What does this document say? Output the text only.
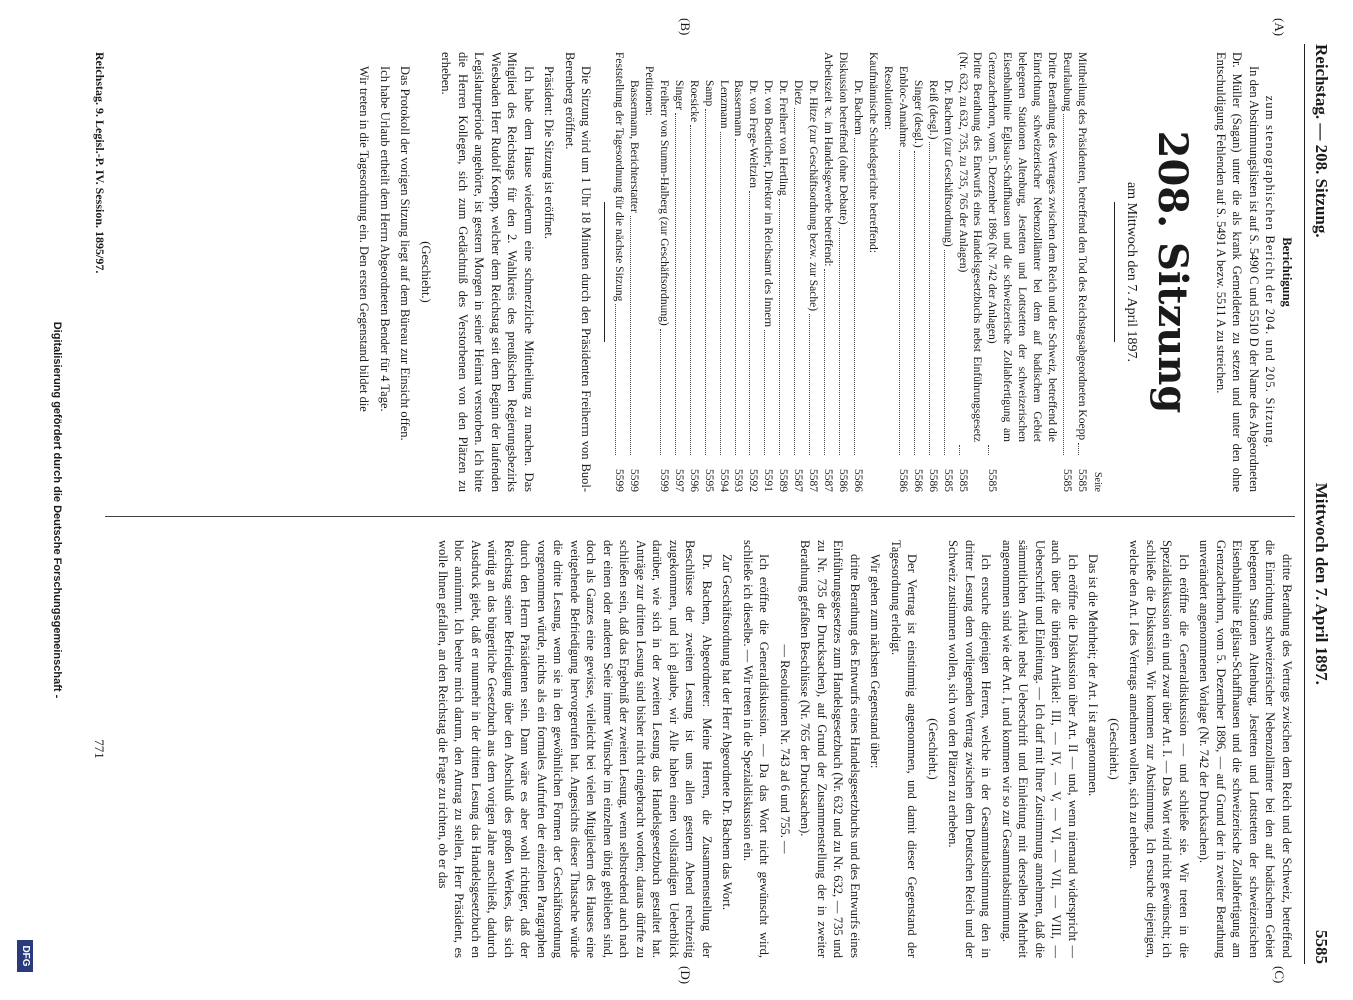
Reichstag. — 208. Sitzung.
Mittwoch den 7. April 1897.
5585
(A)
(B)
(C)
(D)
Berichtigung
zum stenographischen Bericht der 204. und 205. Sitzung.

In den Abstimmungslisten ist auf S. 5490 C und 5510 D der Name des Abgeordneten Dr. Müller (Sagan) unter die als krank Gemeldeten zu setzen und unter den ohne Entschuldigung Fehlenden auf S. 5491 A bezw. 5511 A zu streichen.

208. Sitzung
am Mittwoch den 7. April 1897.
Seite
Mittheilung des Präsidenten, betreffend den Tod des Reichstagsabgeordneten Koepp
5585
Beurlaubung
5585
Dritte Berathung des Vertrages zwischen dem Reich und der Schweiz, betreffend die Einrichtung schweizerischer Nebenzollämter bei dem auf badischem Gebiet belegenen Stationen Altenburg, Jestetten und Lottstetten der schweizerischen Eisenbahnlinie Eglisau-Schaffhausen und die schweizerische Zollabfertigung am Grenzacherhorn, vom 5. Dezember 1896 (Nr. 742 der Anlagen)
5585
Dritte Berathung des Entwurfs eines Handelsgesetzbuchs nebst Einführungsgesetz (Nr. 632, zu 632, 735, zu 735, 765 der Anlagen)
5585
Dr. Bachem (zur Geschäftsordnung)
5585
Reiß (desgl.)
5586
Singer (desgl.)
5586
Enbloc-Annahme
5586
Resolutionen:
Kaufmännische Schiedsgerichte betreffend:
Dr. Bachem
5586
Diskussion betreffend (ohne Debatte)
5586
Arbeitszeit ꝛc. im Handelsgewerbe betreffend:
5587
Dr. Hitze (zur Geschäftsordnung bezw. zur Sache)
5587
Dietz
5587
Dr. Freiherr von Hertling
5589
Dr. von Boetticher, Direktor im Reichsamt des Innern
5591
Dr. von Frege-Weltzien
5592
Bassermann
5593
Lenzmann
5594
Samp
5595
Roesicke
5596
Singer
5597
Freiherr von Stumm-Halberg (zur Geschäftsordnung)
5599
Petitionen:
Bassermann, Berichterstatter
5599
Feststellung der Tagesordnung für die nächste Sitzung
5599

Die Sitzung wird um 1 Uhr 18 Minuten durch den Präsidenten Freiherrn von Buol-Berenberg eröffnet.

Präsident: Die Sitzung ist eröffnet.

Ich habe dem Hause wiederum eine schmerzliche Mittheilung zu machen. Das Mitglied des Reichstags für den 2. Wahlkreis des preußischen Regierungsbezirks Wiesbaden Herr Rudolf Koepp, welcher dem Reichstag seit dem Beginn der laufenden Legislaturperiode angehörte, ist gestern Morgen in seiner Heimat verstorben. Ich bitte die Herren Kollegen, sich zum Gedächtniß des Verstorbenen von den Plätzen zu erheben.

(Geschieht.)

Das Protokoll der vorigen Sitzung liegt auf dem Büreau zur Einsicht offen.

Ich habe Urlaub ertheilt dem Herrn Abgeordneten Bender für 4 Tage.

Wir treten in die Tagesordnung ein. Den ersten Gegenstand bildet die

dritte Berathung des Vertrags zwischen dem Reich und der Schweiz, betreffend die Einrichtung schweizerischer Nebenzollämter bei den auf badischem Gebiet belegenen Stationen Altenburg, Jestetten und Lottstetten der schweizerischen Eisenbahnlinie Eglisau-Schaffhausen und die schweizerische Zollabfertigung am Grenzacherhorn, vom 5. Dezember 1896, — auf Grund der in zweiter Berathung unverändert angenommenen Vorlage (Nr. 742 der Drucksachen).

Ich eröffne die Generaldiskussion — und schließe sie. Wir treten in die Spezialdiskussion ein und zwar über Art. I. — Das Wort wird nicht gewünscht; ich schließe die Diskussion. Wir kommen zur Abstimmung. Ich ersuche diejenigen, welche den Art. I des Vertrags annehmen wollen, sich zu erheben.

(Geschieht.)

Das ist die Mehrheit; der Art. I ist angenommen.

Ich eröffne die Diskussion über Art. II — und, wenn niemand widerspricht — auch über die übrigen Artikel: III, — IV, — V, — VI, — VII, — VIII, — Ueberschrift und Einleitung. — Ich darf mit Ihrer Zustimmung annehmen, daß die sämmtlichen Artikel nebst Ueberschrift und Einleitung mit derselben Mehrheit angenommen sind wie der Art. I, und kommen wir so zur Gesammtabstimmung.

Ich ersuche diejenigen Herren, welche in der Gesammtabstimmung den in dritter Lesung dem vorliegenden Vertrag zwischen dem Deutschen Reich und der Schweiz zustimmen wollen, sich von den Plätzen zu erheben.

(Geschieht.)

Der Vertrag ist einstimmig angenommen, und damit dieser Gegenstand der Tagesordnung erledigt.

Wir gehen zum nächsten Gegenstand über:

dritte Berathung des Entwurfs eines Handelsgesetzbuchs und des Entwurfs eines Einführungsgesetzes zum Handelsgesetzbuch (Nr. 632 und zu Nr. 632, — 735 und zu Nr. 735 der Drucksachen), auf Grund der Zusammenstellung der in zweiter Berathung gefaßten Beschlüsse (Nr. 765 der Drucksachen).

— Resolutionen Nr. 743 ad 6 und 755. —

Ich eröffne die Generaldiskussion. — Da das Wort nicht gewünscht wird, schließe ich dieselbe. — Wir treten in die Spezialdiskussion ein.

Zur Geschäftsordnung hat der Herr Abgeordnete Dr. Bachem das Wort.

Dr. Bachem, Abgeordneter: Meine Herren, die Zusammenstellung der Beschlüsse der zweiten Lesung ist uns allen gestern Abend rechtzeitig zugekommen, und ich glaube, wir Alle haben einen vollständigen Ueberblick darüber, wie sich in der zweiten Lesung das Handelsgesetzbuch gestaltet hat. Anträge zur dritten Lesung sind bisher nicht eingebracht worden; daraus dürfte zu schließen sein, daß das Ergebniß der zweiten Lesung, wenn selbstredend auch nach der einen oder anderen Seite immer Wünsche im einzelnen übrig geblieben sind, doch als Ganzes eine gewisse, vielleicht bei vielen Mitgliedern des Hauses eine weitgehende Befriedigung hervorgerufen hat. Angesichts dieser Thatsache würde die dritte Lesung, wenn sie in den gewöhnlichen Formen der Geschäftsordnung vorgenommen würde, nichts als ein formales Aufrufen der einzelnen Paragraphen durch den Herrn Präsidenten sein. Dann wäre es aber wohl richtiger, daß der Reichstag seiner Befriedigung über den Abschluß des großen Werkes, das sich würdig an das bürgerliche Gesetzbuch aus dem vorigen Jahre anschließt, dadurch Ausdruck giebt, daß er nunmehr in der dritten Lesung das Handelsgesetzbuch en bloc annimmt. Ich beehre mich darum, den Antrag zu stellen, Herr Präsident, es wolle Ihnen gefallen, an den Reichstag die Frage zu richten, ob er das

Reichstag. 9. Legisl.-P. IV. Session. 1895/97.
771
Digitalisierung gefördert durch die Deutsche Forschungsgemeinschaft -
DFG
